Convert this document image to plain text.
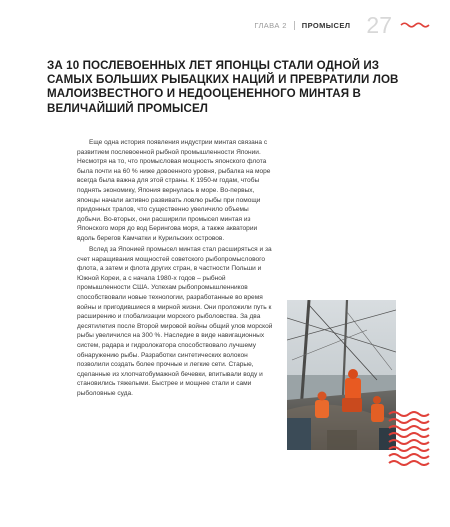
ГЛАВА 2 ПРОМЫСЕЛ 27
ЗА 10 ПОСЛЕВОЕННЫХ ЛЕТ ЯПОНЦЫ СТАЛИ ОДНОЙ ИЗ САМЫХ БОЛЬШИХ РЫБАЦКИХ НАЦИЙ И ПРЕВРАТИЛИ ЛОВ МАЛОИЗВЕСТНОГО И НЕДООЦЕНЕННОГО МИНТАЯ В ВЕЛИЧАЙШИЙ ПРОМЫСЕЛ

Еще одна история появления индустрии минтая связана с развитием послевоенной рыбной промышленности Японии. Несмотря на то, что промысловая мощность японского флота была почти на 60 % ниже довоенного уровня, рыбалка на море всегда была важна для этой страны. К 1950-м годам, чтобы поднять экономику, Япония вернулась в море. Во-первых, японцы начали активно развивать ловлю рыбы при помощи придонных тралов, что существенно увеличило объемы добычи. Во-вторых, они расширили промысел минтая из Японского моря до вод Берингова моря, а также акватории вдоль берегов Камчатки и Курильских островов.

Вслед за Японией промысел минтая стал расширяться и за счет наращивания мощностей советского рыбопромыслового флота, а затем и флота других стран, в частности Польши и Южной Кореи, а с начала 1980-х годов – рыбной промышленности США. Успехам рыбопромышленников способствовали новые технологии, разработанные во время войны и пригодившиеся в мирной жизни. Они проложили путь к расширению и глобализации морского рыболовства. За два десятилетия после Второй мировой войны общий улов морской рыбы увеличился на 300 %. Наследие в виде навигационных систем, радара и гидролокатора способствовало лучшему обнаружению рыбы. Разработки синтетических волокон позволили создать более прочные и легкие сети. Старые, сделанные из хлопчатобумажной бечевки, впитывали воду и становились тяжелыми. Быстрее и мощнее стали и сами рыболовные суда.
